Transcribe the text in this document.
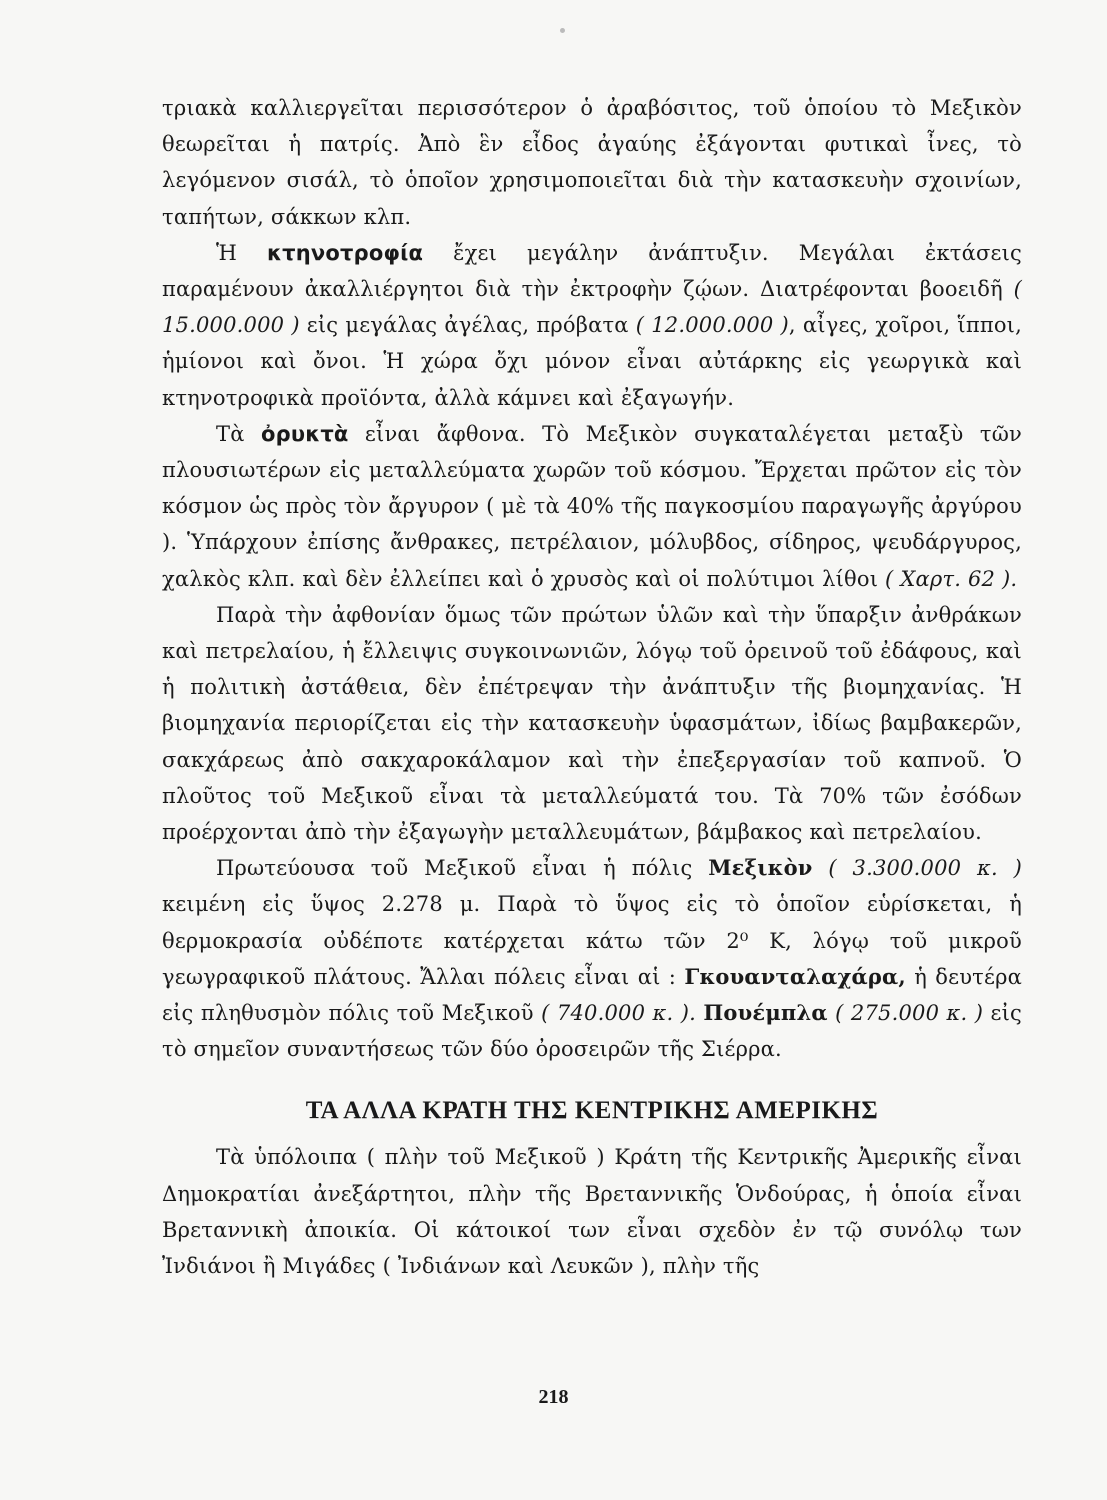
τριακὰ καλλιεργεῖται περισσότερον ὁ ἀραβόσιτος, τοῦ ὁποίου τὸ Μεξικὸν θεωρεῖται ἡ πατρίς. Ἀπὸ ἓν εἶδος ἀγαύης ἐξάγονται φυτικαὶ ἶνες, τὸ λεγόμενον σισάλ, τὸ ὁποῖον χρησιμοποιεῖται διὰ τὴν κατασκευὴν σχοινίων, ταπήτων, σάκκων κλπ.

Ἡ κτηνοτροφία ἔχει μεγάλην ἀνάπτυξιν. Μεγάλαι ἐκτάσεις παραμένουν ἀκαλλιέργητοι διὰ τὴν ἐκτροφὴν ζῴων. Διατρέφονται βοοειδῆ ( 15.000.000 ) εἰς μεγάλας ἀγέλας, πρόβατα ( 12.000.000 ), αἶγες, χοῖροι, ἵπποι, ἡμίονοι καὶ ὄνοι. Ἡ χώρα ὄχι μόνον εἶναι αὐτάρκης εἰς γεωργικὰ καὶ κτηνοτροφικὰ προϊόντα, ἀλλὰ κάμνει καὶ ἐξαγωγήν.

Τὰ ὀρυκτὰ εἶναι ἄφθονα. Τὸ Μεξικὸν συγκαταλέγεται μεταξὺ τῶν πλουσιωτέρων εἰς μεταλλεύματα χωρῶν τοῦ κόσμου. Ἔρχεται πρῶτον εἰς τὸν κόσμον ὡς πρὸς τὸν ἄργυρον ( μὲ τὰ 40% τῆς παγκοσμίου παραγωγῆς ἀργύρου ). Ὑπάρχουν ἐπίσης ἄνθρακες, πετρέλαιον, μόλυβδος, σίδηρος, ψευδάργυρος, χαλκὸς κλπ. καὶ δὲν ἐλλείπει καὶ ὁ χρυσὸς καὶ οἱ πολύτιμοι λίθοι ( Χαρτ. 62 ).

Παρὰ τὴν ἀφθονίαν ὅμως τῶν πρώτων ὑλῶν καὶ τὴν ὕπαρξιν ἀνθράκων καὶ πετρελαίου, ἡ ἔλλειψις συγκοινωνιῶν, λόγῳ τοῦ ὀρεινοῦ τοῦ ἐδάφους, καὶ ἡ πολιτικὴ ἀστάθεια, δὲν ἐπέτρεψαν τὴν ἀνάπτυξιν τῆς βιομηχανίας. Ἡ βιομηχανία περιορίζεται εἰς τὴν κατασκευὴν ὑφασμάτων, ἰδίως βαμβακερῶν, σακχάρεως ἀπὸ σακχαροκάλαμον καὶ τὴν ἐπεξεργασίαν τοῦ καπνοῦ. Ὁ πλοῦτος τοῦ Μεξικοῦ εἶναι τὰ μεταλλεύματά του. Τὰ 70% τῶν ἐσόδων προέρχονται ἀπὸ τὴν ἐξαγωγὴν μεταλλευμάτων, βάμβακος καὶ πετρελαίου.

Πρωτεύουσα τοῦ Μεξικοῦ εἶναι ἡ πόλις Μεξικὸν ( 3.300.000 κ. ) κειμένη εἰς ὕψος 2.278 μ. Παρὰ τὸ ὕψος εἰς τὸ ὁποῖον εὑρίσκεται, ἡ θερμοκρασία οὐδέποτε κατέρχεται κάτω τῶν 2⁰ Κ, λόγῳ τοῦ μικροῦ γεωγραφικοῦ πλάτους. Ἄλλαι πόλεις εἶναι αἱ : Γκουανταλαχάρα, ἡ δευτέρα εἰς πληθυσμὸν πόλις τοῦ Μεξικοῦ ( 740.000 κ. ). Πουέμπλα ( 275.000 κ. ) εἰς τὸ σημεῖον συναντήσεως τῶν δύο ὀροσειρῶν τῆς Σιέρρα.

ΤΑ ΑΛΛΑ ΚΡΑΤΗ ΤΗΣ ΚΕΝΤΡΙΚΗΣ ΑΜΕΡΙΚΗΣ

Τὰ ὑπόλοιπα ( πλὴν τοῦ Μεξικοῦ ) Κράτη τῆς Κεντρικῆς Ἀμερικῆς εἶναι Δημοκρατίαι ἀνεξάρτητοι, πλὴν τῆς Βρεταννικῆς Ὁνδούρας, ἡ ὁποία εἶναι Βρεταννικὴ ἀποικία. Οἱ κάτοικοί των εἶναι σχεδὸν ἐν τῷ συνόλῳ των Ἰνδιάνοι ἢ Μιγάδες ( Ἰνδιάνων καὶ Λευκῶν ), πλὴν τῆς

218
